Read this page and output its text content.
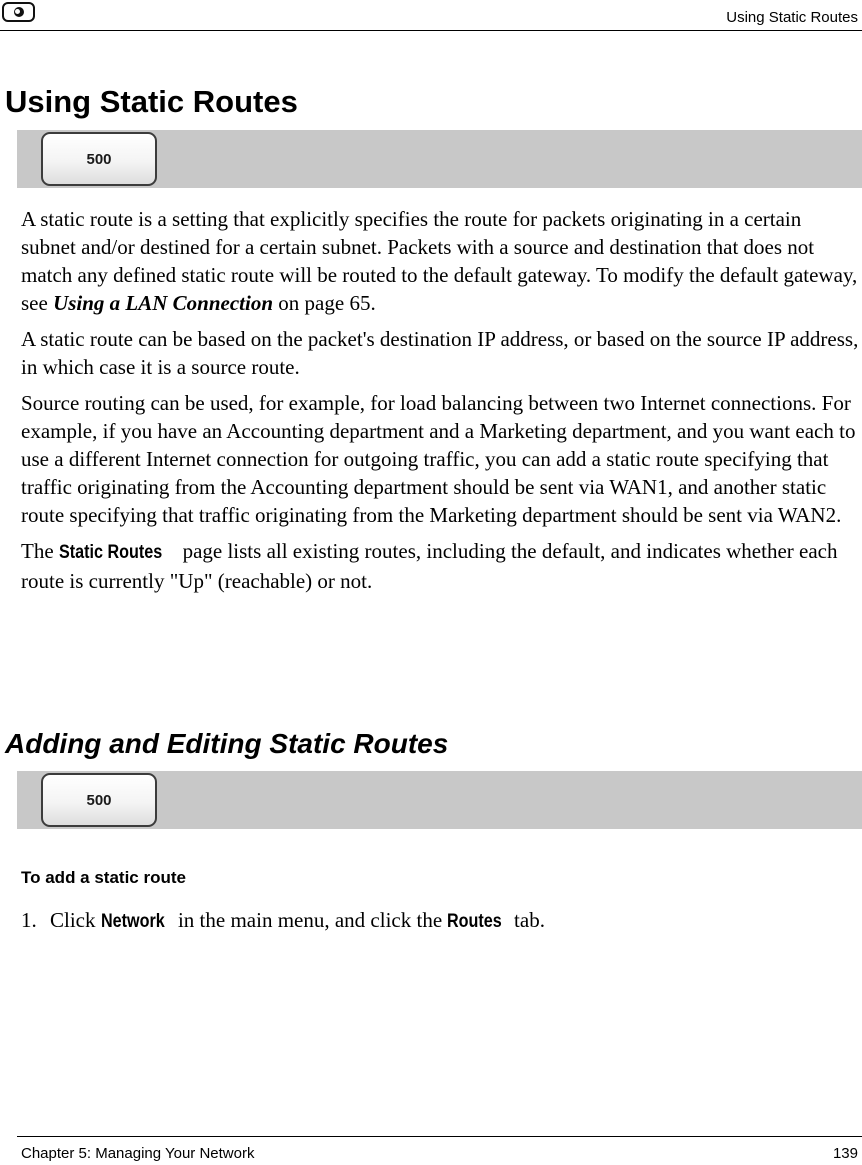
Using Static Routes
Using Static Routes
500

A static route is a setting that explicitly specifies the route for packets originating in a certain subnet and/or destined for a certain subnet. Packets with a source and destination that does not match any defined static route will be routed to the default gateway. To modify the default gateway, see Using a LAN Connection on page 65.

A static route can be based on the packet's destination IP address, or based on the source IP address, in which case it is a source route.

Source routing can be used, for example, for load balancing between two Internet connections. For example, if you have an Accounting department and a Marketing department, and you want each to use a different Internet connection for outgoing traffic, you can add a static route specifying that traffic originating from the Accounting department should be sent via WAN1, and another static route specifying that traffic originating from the Marketing department should be sent via WAN2.

The Static Routes page lists all existing routes, including the default, and indicates whether each route is currently "Up" (reachable) or not.

Adding and Editing Static Routes
500
To add a static route
1. Click Network in the main menu, and click the Routes tab.
Chapter 5: Managing Your Network	139
